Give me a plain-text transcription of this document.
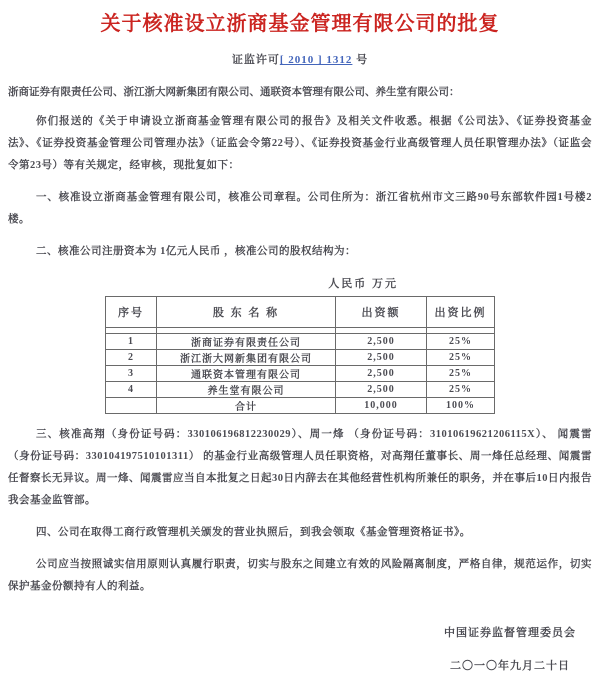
关于核准设立浙商基金管理有限公司的批复
证监许可[ 2010 ] 1312 号
浙商证券有限责任公司、浙江浙大网新集团有限公司、通联资本管理有限公司、养生堂有限公司：

你们报送的《关于申请设立浙商基金管理有限公司的报告》及相关文件收悉。根据《公司法》、《证券投资基金法》、《证券投资基金管理公司管理办法》（证监会令第22号）、《证券投资基金行业高级管理人员任职管理办法》（证监会令第23号）等有关规定，经审核，现批复如下：

一、核准设立浙商基金管理有限公司，核准公司章程。公司住所为：浙江省杭州市文三路90号东部软件园1号楼2楼。

二、核准公司注册资本为 1亿元人民币 ，核准公司的股权结构为：

人民币 万元
序号	股 东 名 称	出资额	出资比例

1	浙商证券有限责任公司	2,500	25%
2	浙江浙大网新集团有限公司	2,500	25%
3	通联资本管理有限公司	2,500	25%
4	养生堂有限公司	2,500	25%
	合计	10,000	100%

三、核准高翔（身份证号码：330106196812230029）、周一烽 （身份证号码：31010619621206115X）、 闻震雷 （身份证号码：330104197510101311） 的基金行业高级管理人员任职资格，对高翔任董事长、周一烽任总经理、闻震雷任督察长无异议。周一烽、闻震雷应当自本批复之日起30日内辞去在其他经营性机构所兼任的职务，并在事后10日内报告我会基金监管部。

四、公司在取得工商行政管理机关颁发的营业执照后，到我会领取《基金管理资格证书》。

公司应当按照诚实信用原则认真履行职责，切实与股东之间建立有效的风险隔离制度，严格自律，规范运作，切实保护基金份额持有人的利益。

中国证券监督管理委员会
二〇一〇年九月二十日
